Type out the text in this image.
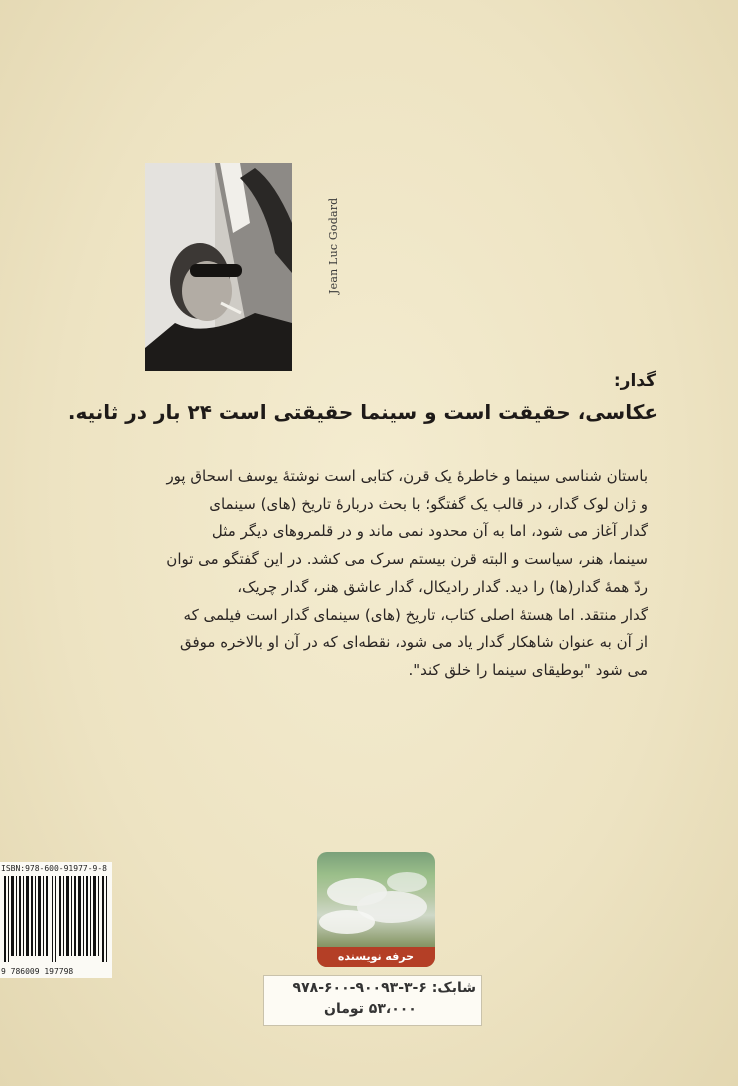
Jean Luc Godard
گدار:
عکاسی، حقیقت است و سینما حقیقتی است ۲۴ بار در ثانیه.
باستان شناسی سینما و خاطرهٔ یک قرن، کتابی است نوشتهٔ یوسف اسحاق پور
و ژان لوک گدار، در قالب یک گفتگو؛ با بحث دربارهٔ تاریخ (های) سینمای
گدار آغاز می شود، اما به آن محدود نمی ماند و در قلمروهای دیگر مثل
سینما، هنر، سیاست و البته قرن بیستم سرک می کشد. در این گفتگو می توان
ردّ همهٔ گدار(ها) را دید. گدار رادیکال، گدار عاشق هنر، گدار چریک،
گدار منتقد. اما هستهٔ اصلی کتاب، تاریخ (های) سینمای گدار است فیلمی که
از آن به عنوان شاهکار گدار یاد می شود، نقطه‌ای که در آن او بالاخره موفق
می شود "بوطیقای سینما را خلق کند".
ISBN:978-600-91977-9-8
9 786009 197798
حرفه نویسنده
شابک: ۶-۳-۹۰۰۹۳-۶۰۰-۹۷۸
۵۳،۰۰۰ تومان
